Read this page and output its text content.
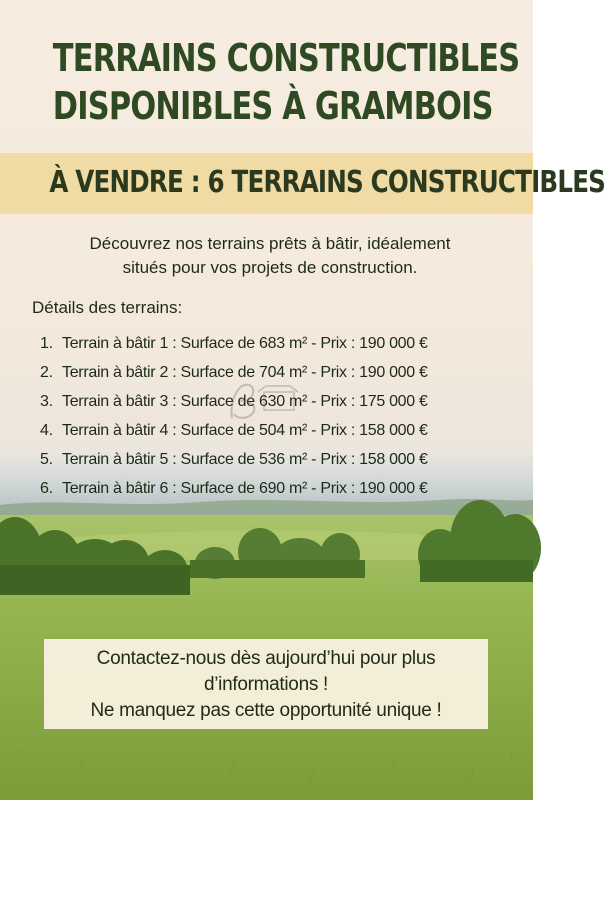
TERRAINS CONSTRUCTIBLES
DISPONIBLES À GRAMBOIS
À VENDRE : 6 TERRAINS CONSTRUCTIBLES
Découvrez nos terrains prêts à bâtir, idéalement
situés pour vos projets de construction.
Détails des terrains:
1. Terrain à bâtir 1 : Surface de 683 m² - Prix : 190 000 €
2. Terrain à bâtir 2 : Surface de 704 m² - Prix : 190 000 €
3. Terrain à bâtir 3 : Surface de 630 m² - Prix : 175 000 €
4. Terrain à bâtir 4 : Surface de 504 m² - Prix : 158 000 €
5. Terrain à bâtir 5 : Surface de 536 m² - Prix : 158 000 €
6. Terrain à bâtir 6 : Surface de 690 m² - Prix : 190 000 €
Contactez-nous dès aujourd’hui pour plus
d’informations !
Ne manquez pas cette opportunité unique !
